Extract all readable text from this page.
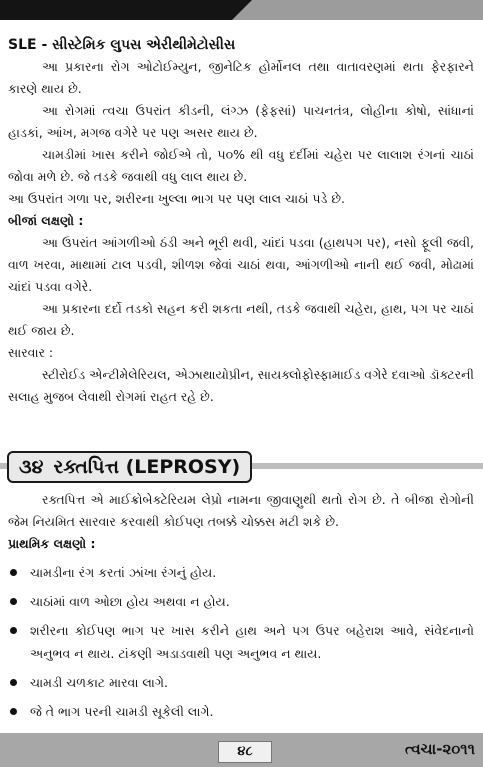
SLE - સીસ્ટેમિક લુપસ એરીથીમેટોસીસ

આ પ્રકારના રોગ ઓટોઈમ્યુન, જીનેટિક હોર્મોનલ તથા વાતાવરણમાં થતા ફેરફારને કારણે થાય છે.

આ રોગમાં ત્વચા ઉપરાંત કીડની, લંગ્ઝ (ફેફસાં) પાચનતંત્ર, લોહીના કોષો, સાંધાનાં હાડકાં, આંખ, મગજ વગેરે પર પણ અસર થાય છે.

ચામડીમાં ખાસ કરીને જોઈએ તો, ૫૦% થી વધુ દર્દીમાં ચહેરા પર લાલાશ રંગનાં ચાઠાં જોવા મળે છે. જે તડકે જવાથી વધુ લાલ થાય છે.

આ ઉપરાંત ગળા પર, શરીરના ખુલ્લા ભાગ પર પણ લાલ ચાઠાં પડે છે.

બીજાં લક્ષણો :

આ ઉપરાંત આંગળીઓ ઠંડી અને ભૂરી થવી, ચાંદાં પડવા (હાથપગ પર), નસો ફૂલી જવી, વાળ ખરવા, માથામાં ટાલ પડવી, શીળશ જેવાં ચાઠાં થવા, આંગળીઓ નાની થઈ જવી, મોઢામાં ચાંદાં પડવા વગેરે.

આ પ્રકારના દર્દો તડકો સહન કરી શકતા નથી, તડકે જવાથી ચહેરા, હાથ, પગ પર ચાઠાં થઈ જાય છે.

સારવાર :

સ્ટીરોઈડ એન્ટીમેલેરિયલ, એઝાથાયોપ્રીન, સાયક્લોફોસ્ફામાઈડ વગેરે દવાઓ ડૉક્ટરની સલાહ મુજબ લેવાથી રોગમાં રાહત રહે છે.

૩૪ રક્તપિત્ત (LEPROSY)

રક્તપિત્ત એ માઈક્રોબેક્ટેરિયમ લેપ્રો નામના જીવાણુથી થતો રોગ છે. તે બીજા રોગોની જેમ નિયમિત સારવાર કરવાથી કોઈપણ તબક્કે ચોક્કસ મટી શકે છે.

પ્રાથમિક લક્ષણો :

ચામડીના રંગ કરતાં ઝાંખા રંગનું હોય.
ચાઠાંમાં વાળ ઓછા હોય અથવા ન હોય.
શરીરના કોઈપણ ભાગ પર ખાસ કરીને હાથ અને પગ ઉપર બહેરાશ આવે, સંવેદનાનો અનુભવ ન થાય. ટાંકણી અડાડવાથી પણ અનુભવ ન થાય.
ચામડી ચળકાટ મારવા લાગે.
જે તે ભાગ પરની ચામડી સૂકેલી લાગે.
૪૮	ત્વચા-૨૦૧૧
